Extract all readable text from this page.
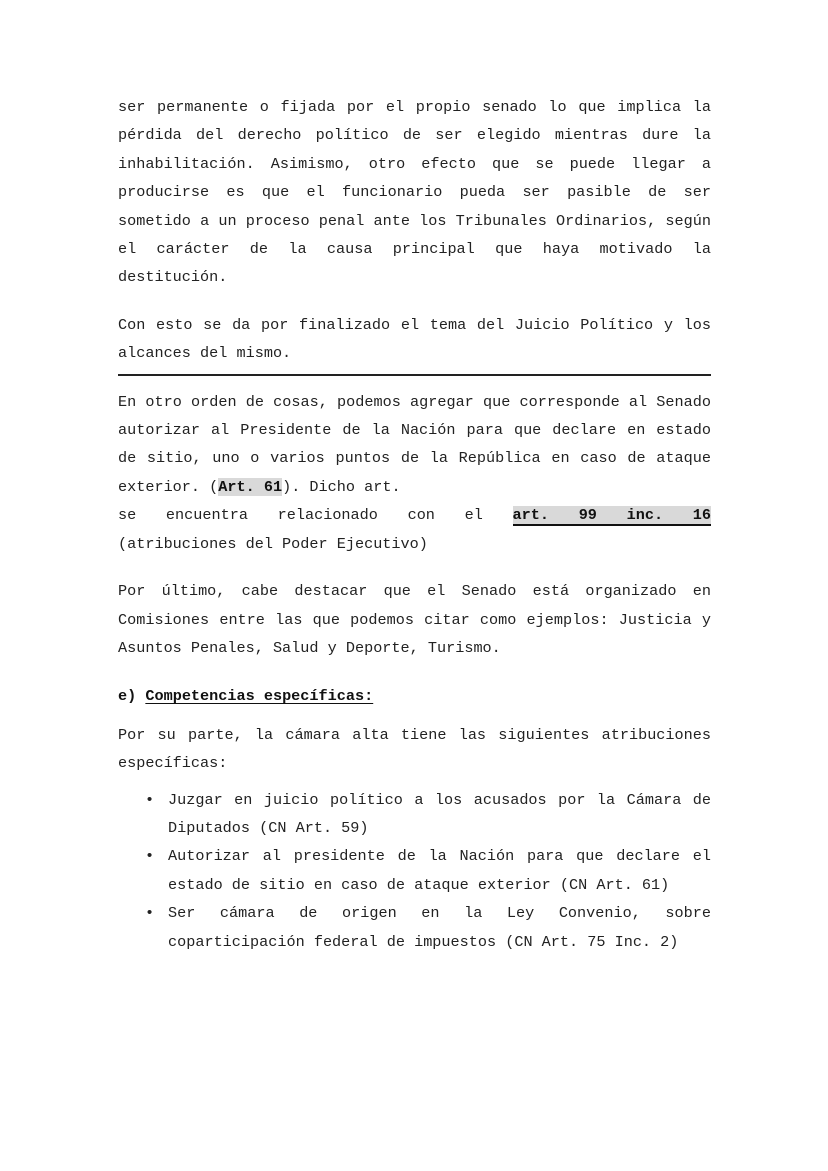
ser permanente o fijada por el propio senado lo que implica la pérdida del derecho político de ser elegido mientras dure la inhabilitación. Asimismo, otro efecto que se puede llegar a producirse es que el funcionario pueda ser pasible de ser sometido a un proceso penal ante los Tribunales Ordinarios, según el carácter de la causa principal que haya motivado la destitución.

Con esto se da por finalizado el tema del Juicio Político y los alcances del mismo.

En otro orden de cosas, podemos agregar que corresponde al Senado autorizar al Presidente de la Nación para que declare en estado de sitio, uno o varios puntos de la República en caso de ataque exterior. (Art. 61). Dicho art.
se encuentra relacionado con el art. 99 inc. 16
(atribuciones del Poder Ejecutivo)

Por último, cabe destacar que el Senado está organizado en Comisiones entre las que podemos citar como ejemplos: Justicia y Asuntos Penales, Salud y Deporte, Turismo.

e) Competencias específicas:

Por su parte, la cámara alta tiene las siguientes atribuciones específicas:

• Juzgar en juicio político a los acusados por la Cámara de Diputados (CN Art. 59)
• Autorizar al presidente de la Nación para que declare el estado de sitio en caso de ataque exterior (CN Art. 61)
• Ser cámara de origen en la Ley Convenio, sobre coparticipación federal de impuestos (CN Art. 75 Inc. 2)
